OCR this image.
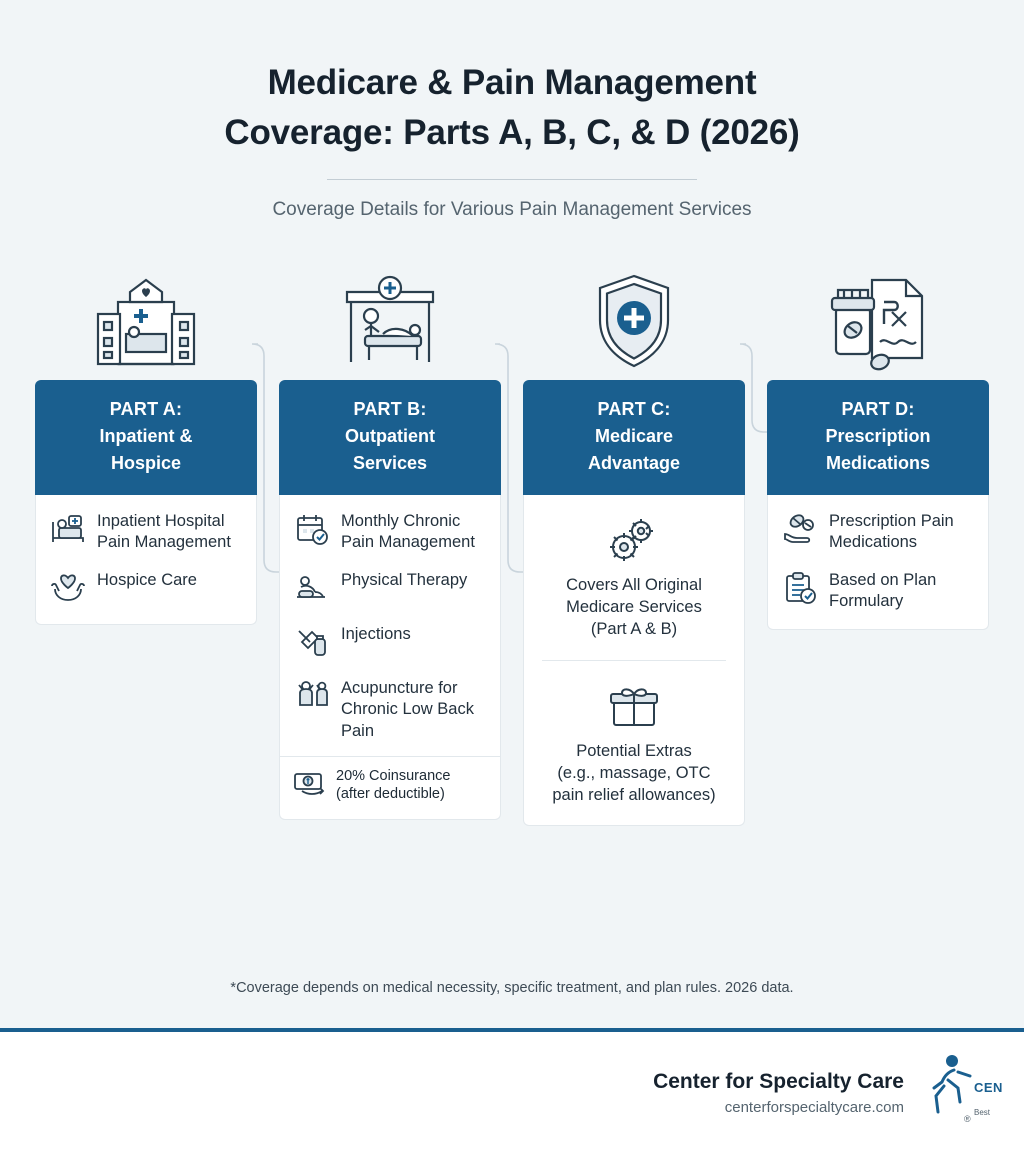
Medicare & Pain Management
Coverage: Parts A, B, C, & D (2026)
Coverage Details for Various Pain Management Services
PART A:
Inpatient &
Hospice
Inpatient Hospital Pain Management
Hospice Care
PART B:
Outpatient
Services
Monthly Chronic Pain Management
Physical Therapy
Injections
Acupuncture for Chronic Low Back Pain
20% Coinsurance
(after deductible)
PART C:
Medicare
Advantage
Covers All Original
Medicare Services
(Part A & B)
Potential Extras
(e.g., massage, OTC
pain relief allowances)
PART D:
Prescription
Medications
Prescription Pain Medications
Based on Plan Formulary
*Coverage depends on medical necessity, specific treatment, and plan rules. 2026 data.
Center for Specialty Care
centerforspecialtycare.com
CEN
Best
®
